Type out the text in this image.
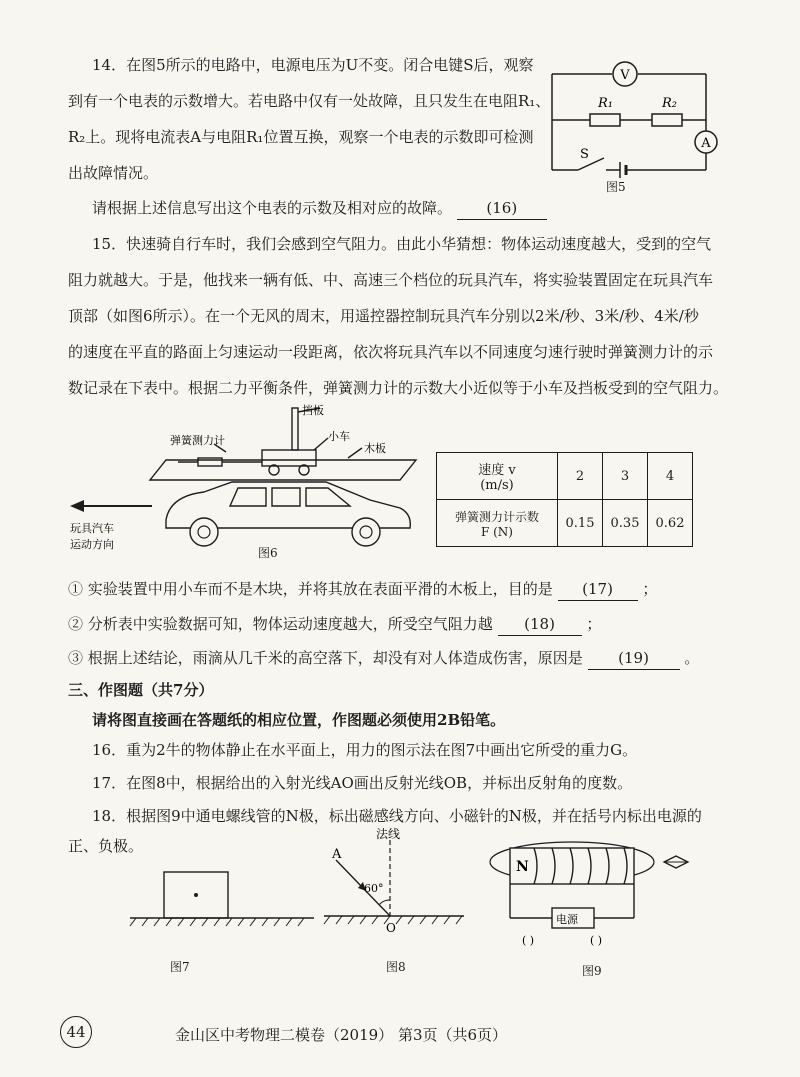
14．在图5所示的电路中，电源电压为U不变。闭合电键S后，观察
到有一个电表的示数增大。若电路中仅有一处故障，且只发生在电阻R₁、
R₂上。现将电流表A与电阻R₁位置互换，观察一个电表的示数即可检测
出故障情况。
请根据上述信息写出这个电表的示数及相对应的故障。 (16)
V
R₁	R₂
A
S
图5
15．快速骑自行车时，我们会感到空气阻力。由此小华猜想：物体运动速度越大，受到的空气
阻力就越大。于是，他找来一辆有低、中、高速三个档位的玩具汽车，将实验装置固定在玩具汽车
顶部（如图6所示）。在一个无风的周末，用遥控器控制玩具汽车分别以2米/秒、3米/秒、4米/秒
的速度在平直的路面上匀速运动一段距离，依次将玩具汽车以不同速度匀速行驶时弹簧测力计的示
数记录在下表中。根据二力平衡条件，弹簧测力计的示数大小近似等于小车及挡板受到的空气阻力。
挡板
弹簧测力计	小车
木板
玩具汽车
运动方向
图6
速度 v
(m/s)	2	3	4

弹簧测力计示数
F (N)	0.15	0.35	0.62
① 实验装置中用小车而不是木块，并将其放在表面平滑的木板上，目的是 (17) ；
② 分析表中实验数据可知，物体运动速度越大，所受空气阻力越 (18) ；
③ 根据上述结论，雨滴从几千米的高空落下，却没有对人体造成伤害，原因是 (19) 。
三、作图题（共7分）
请将图直接画在答题纸的相应位置，作图题必须使用2B铅笔。
16．重为2牛的物体静止在水平面上，用力的图示法在图7中画出它所受的重力G。
17．在图8中，根据给出的入射光线AO画出反射光线OB，并标出反射角的度数。
18．根据图9中通电螺线管的N极，标出磁感线方向、小磁针的N极，并在括号内标出电源的
正、负极。
图7
法线
A
60°
O
图8
N
电源
( )	( )
图9
44	金山区中考物理二模卷（2019） 第3页（共6页）
